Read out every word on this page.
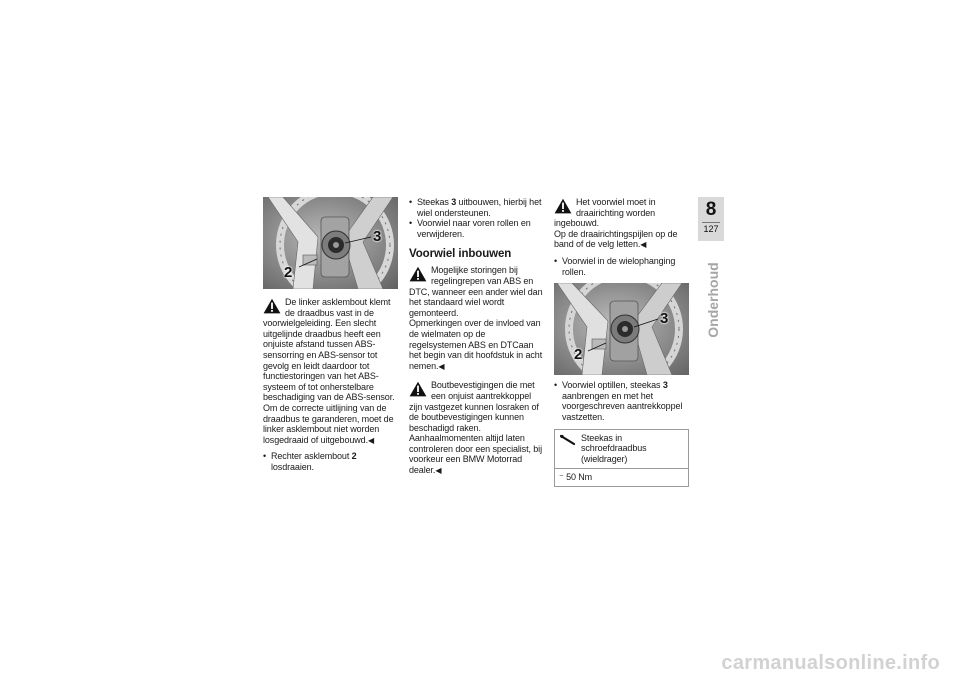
3
2

De linker asklembout klemt de draadbus vast in de voorwielgeleiding. Een slecht uitgelijnde draadbus heeft een onjuiste afstand tussen ABS-sensorring en ABS-sensor tot gevolg en leidt daardoor tot functiestoringen van het ABS-systeem of tot onherstelbare beschadiging van de ABS-sensor.

Om de correcte uitlijning van de draadbus te garanderen, moet de linker asklembout niet worden losgedraaid of uitgebouwd.◀

• Rechter asklembout 2 losdraaien.
• Steekas 3 uitbouwen, hierbij het wiel ondersteunen.
• Voorwiel naar voren rollen en verwijderen.
Voorwiel inbouwen

Mogelijke storingen bij regelingrepen van ABS en DTC, wanneer een ander wiel dan het standaard wiel wordt gemonteerd.

Opmerkingen over de invloed van de wielmaten op de regelsystemen ABS en DTCaan het begin van dit hoofdstuk in acht nemen.◀

Boutbevestigingen die met een onjuist aantrekkoppel zijn vastgezet kunnen losraken of de boutbevestigingen kunnen beschadigd raken.

Aanhaalmomenten altijd laten controleren door een specialist, bij voorkeur een BMW Motorrad dealer.◀

Het voorwiel moet in draairichting worden ingebouwd.

Op de draairichtingspijlen op de band of de velg letten.◀

• Voorwiel in de wielophanging rollen.
3
2
• Voorwiel optillen, steekas 3 aanbrengen en met het voorgeschreven aantrekkoppel vastzetten.
Steekas in schroefdraadbus (wieldrager)
⁻ 50 Nm
8
127
Onderhoud
carmanualsonline.info
